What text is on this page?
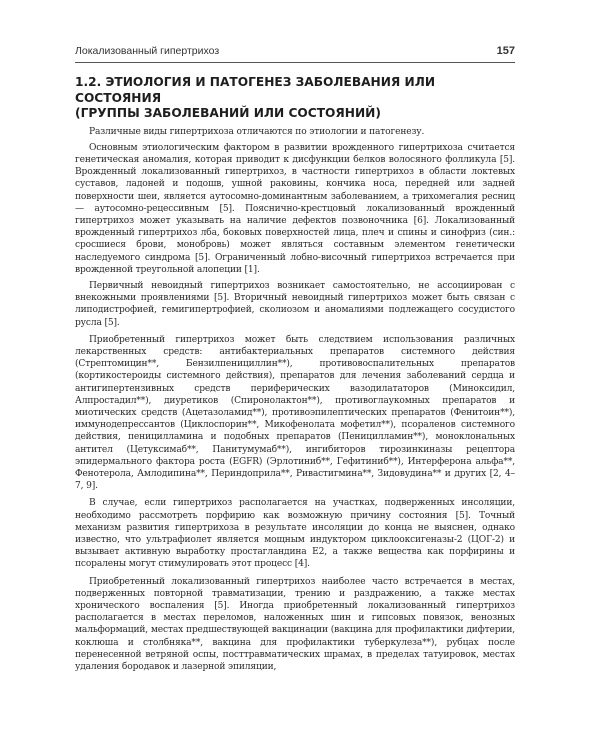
Локализованный гипертрихоз	157
1.2. ЭТИОЛОГИЯ И ПАТОГЕНЕЗ ЗАБОЛЕВАНИЯ ИЛИ СОСТОЯНИЯ
(ГРУППЫ ЗАБОЛЕВАНИЙ ИЛИ СОСТОЯНИЙ)

Различные виды гипертрихоза отличаются по этиологии и патогенезу.

Основным этиологическим фактором в развитии врожденного гипертрихоза считается генетическая аномалия, которая приводит к дисфункции белков волосяного фолликула [5]. Врожденный локализованный гипертрихоз, в частности гипертрихоз в области локтевых суставов, ладоней и подошв, ушной раковины, кончика носа, передней или задней поверхности шеи, является аутосомно-доминантным заболеванием, а трихомегалия ресниц — аутосомно-рецессивным [5]. Пояснично-крестцовый локализованный врожденный гипертрихоз может указывать на наличие дефектов позвоночника [6]. Локализованный врожденный гипертрихоз лба, боковых поверхностей лица, плеч и спины и синофриз (син.: сросшиеся брови, монобровь) может являться составным элементом генетически наследуемого синдрома [5]. Ограниченный лобно-височный гипертрихоз встречается при врожденной треугольной алопеции [1].

Первичный невоидный гипертрихоз возникает самостоятельно, не ассоциирован с внекожными проявлениями [5]. Вторичный невоидный гипертрихоз может быть связан с липодистрофией, гемигипертрофией, сколиозом и аномалиями подлежащего сосудистого русла [5].

Приобретенный гипертрихоз может быть следствием использования различных лекарственных средств: антибактериальных препаратов системного действия (Стрептомицин**, Бензилпенициллин**), противовоспалительных препаратов (кортикостероиды системного действия), препаратов для лечения заболеваний сердца и антигипертензивных средств периферических вазодилататоров (Миноксидил, Алпростадил**), диуретиков (Спиронолактон**), противоглаукомных препаратов и миотических средств (Ацетазоламид**), противоэпилептических препаратов (Фенитоин**), иммунодепрессантов (Циклоспорин**, Микофенолата мофетил**), псораленов системного действия, пеницилламина и подобных препаратов (Пеницилламин**), моноклональных антител (Цетуксимаб**, Панитумумаб**), ингибиторов тирозинкиназы рецептора эпидермального фактора роста (EGFR) (Эрлотиниб**, Гефитиниб**), Интерферона альфа**, Фенотерола, Амлодипина**, Периндоприла**, Ривастигмина**, Зидовудина** и других [2, 4–7, 9].

В случае, если гипертрихоз располагается на участках, подверженных инсоляции, необходимо рассмотреть порфирию как возможную причину состояния [5]. Точный механизм развития гипертрихоза в результате инсоляции до конца не выяснен, однако известно, что ультрафиолет является мощным индуктором циклооксигеназы-2 (ЦОГ-2) и вызывает активную выработку простагландина Е2, а также вещества как порфирины и псоралены могут стимулировать этот процесс [4].

Приобретенный локализованный гипертрихоз наиболее часто встречается в местах, подверженных повторной травматизации, трению и раздражению, а также местах хронического воспаления [5]. Иногда приобретенный локализованный гипертрихоз располагается в местах переломов, наложенных шин и гипсовых повязок, венозных мальформаций, местах предшествующей вакцинации (вакцина для профилактики дифтерии, коклюша и столбняка**, вакцина для профилактики туберкулеза**), рубцах после перенесенной ветряной оспы, посттравматических шрамах, в пределах татуировок, местах удаления бородавок и лазерной эпиляции,
